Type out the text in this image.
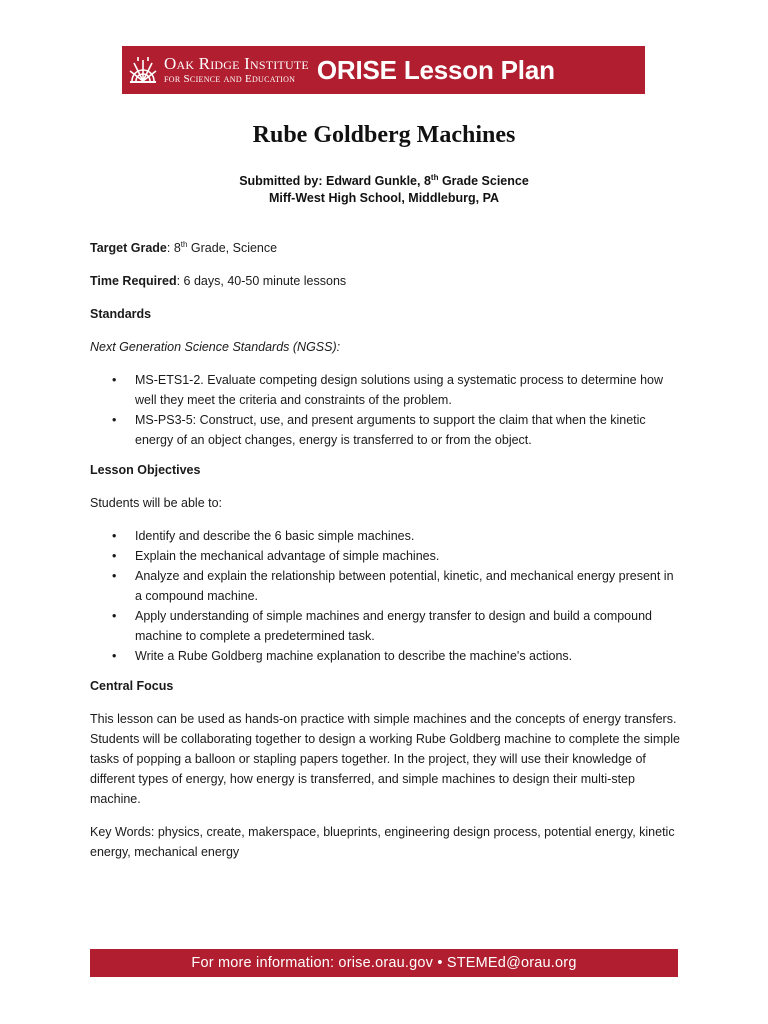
Oak Ridge Institute
for Science and Education ORISE Lesson Plan
Rube Goldberg Machines
Submitted by: Edward Gunkle, 8th Grade Science
Miff-West High School, Middleburg, PA

Target Grade: 8th Grade, Science

Time Required: 6 days, 40-50 minute lessons

Standards

Next Generation Science Standards (NGSS):

• MS-ETS1-2. Evaluate competing design solutions using a systematic process to determine how well they meet the criteria and constraints of the problem.
• MS-PS3-5: Construct, use, and present arguments to support the claim that when the kinetic energy of an object changes, energy is transferred to or from the object.

Lesson Objectives

Students will be able to:

• Identify and describe the 6 basic simple machines.
• Explain the mechanical advantage of simple machines.
• Analyze and explain the relationship between potential, kinetic, and mechanical energy present in a compound machine.
• Apply understanding of simple machines and energy transfer to design and build a compound machine to complete a predetermined task.
• Write a Rube Goldberg machine explanation to describe the machine's actions.

Central Focus

This lesson can be used as hands-on practice with simple machines and the concepts of energy transfers. Students will be collaborating together to design a working Rube Goldberg machine to complete the simple tasks of popping a balloon or stapling papers together. In the project, they will use their knowledge of different types of energy, how energy is transferred, and simple machines to design their multi-step machine.

Key Words: physics, create, makerspace, blueprints, engineering design process, potential energy, kinetic energy, mechanical energy

For more information: orise.orau.gov • STEMEd@orau.org
